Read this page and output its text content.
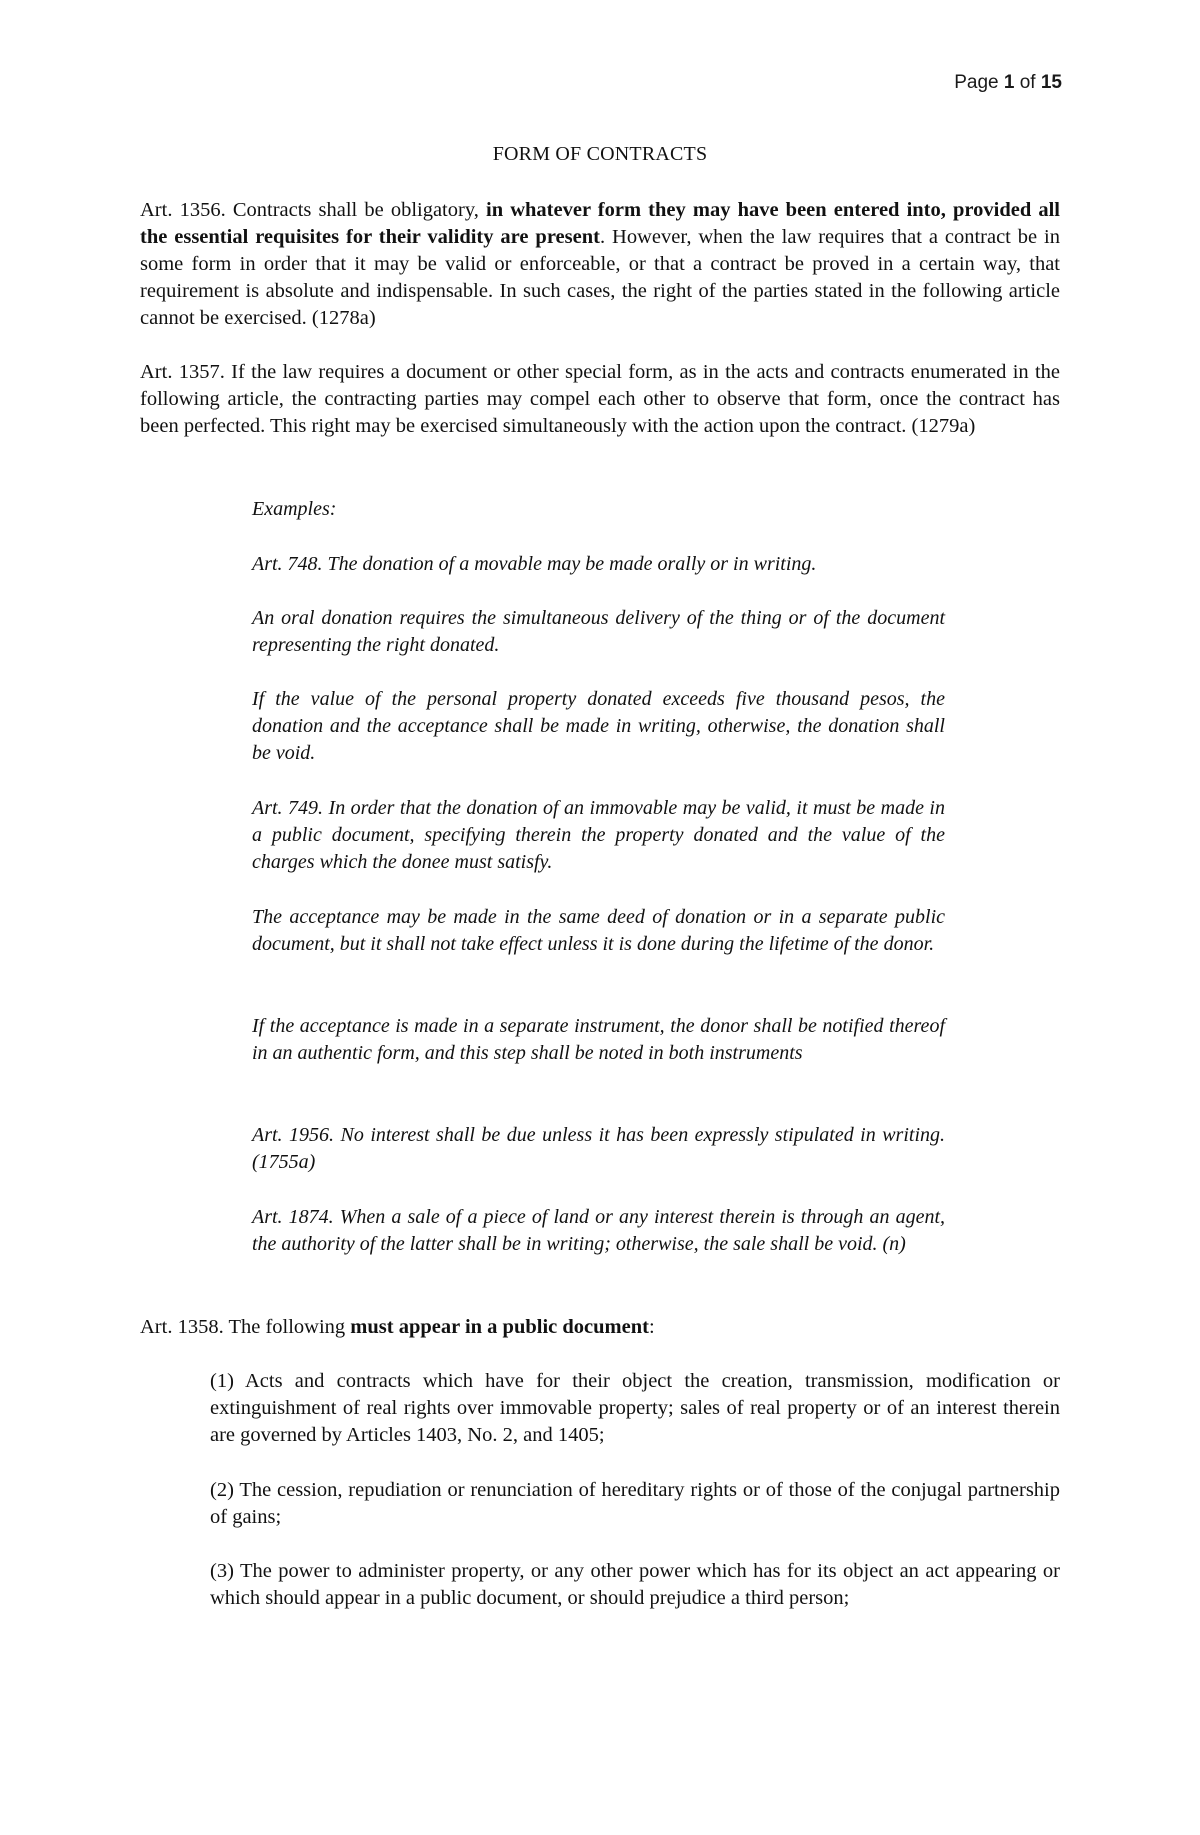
Page 1 of 15
FORM OF CONTRACTS

Art. 1356. Contracts shall be obligatory, in whatever form they may have been entered into, provided all the essential requisites for their validity are present. However, when the law requires that a contract be in some form in order that it may be valid or enforceable, or that a contract be proved in a certain way, that requirement is absolute and indispensable. In such cases, the right of the parties stated in the following article cannot be exercised. (1278a)

Art. 1357. If the law requires a document or other special form, as in the acts and contracts enumerated in the following article, the contracting parties may compel each other to observe that form, once the contract has been perfected. This right may be exercised simultaneously with the action upon the contract. (1279a)

Examples:

Art. 748. The donation of a movable may be made orally or in writing.

An oral donation requires the simultaneous delivery of the thing or of the document representing the right donated.

If the value of the personal property donated exceeds five thousand pesos, the donation and the acceptance shall be made in writing, otherwise, the donation shall be void.

Art. 749. In order that the donation of an immovable may be valid, it must be made in a public document, specifying therein the property donated and the value of the charges which the donee must satisfy.

The acceptance may be made in the same deed of donation or in a separate public document, but it shall not take effect unless it is done during the lifetime of the donor.

If the acceptance is made in a separate instrument, the donor shall be notified thereof in an authentic form, and this step shall be noted in both instruments

Art. 1956. No interest shall be due unless it has been expressly stipulated in writing. (1755a)

Art. 1874. When a sale of a piece of land or any interest therein is through an agent, the authority of the latter shall be in writing; otherwise, the sale shall be void. (n)

Art. 1358. The following must appear in a public document:

(1) Acts and contracts which have for their object the creation, transmission, modification or extinguishment of real rights over immovable property; sales of real property or of an interest therein are governed by Articles 1403, No. 2, and 1405;

(2) The cession, repudiation or renunciation of hereditary rights or of those of the conjugal partnership of gains;

(3) The power to administer property, or any other power which has for its object an act appearing or which should appear in a public document, or should prejudice a third person;
